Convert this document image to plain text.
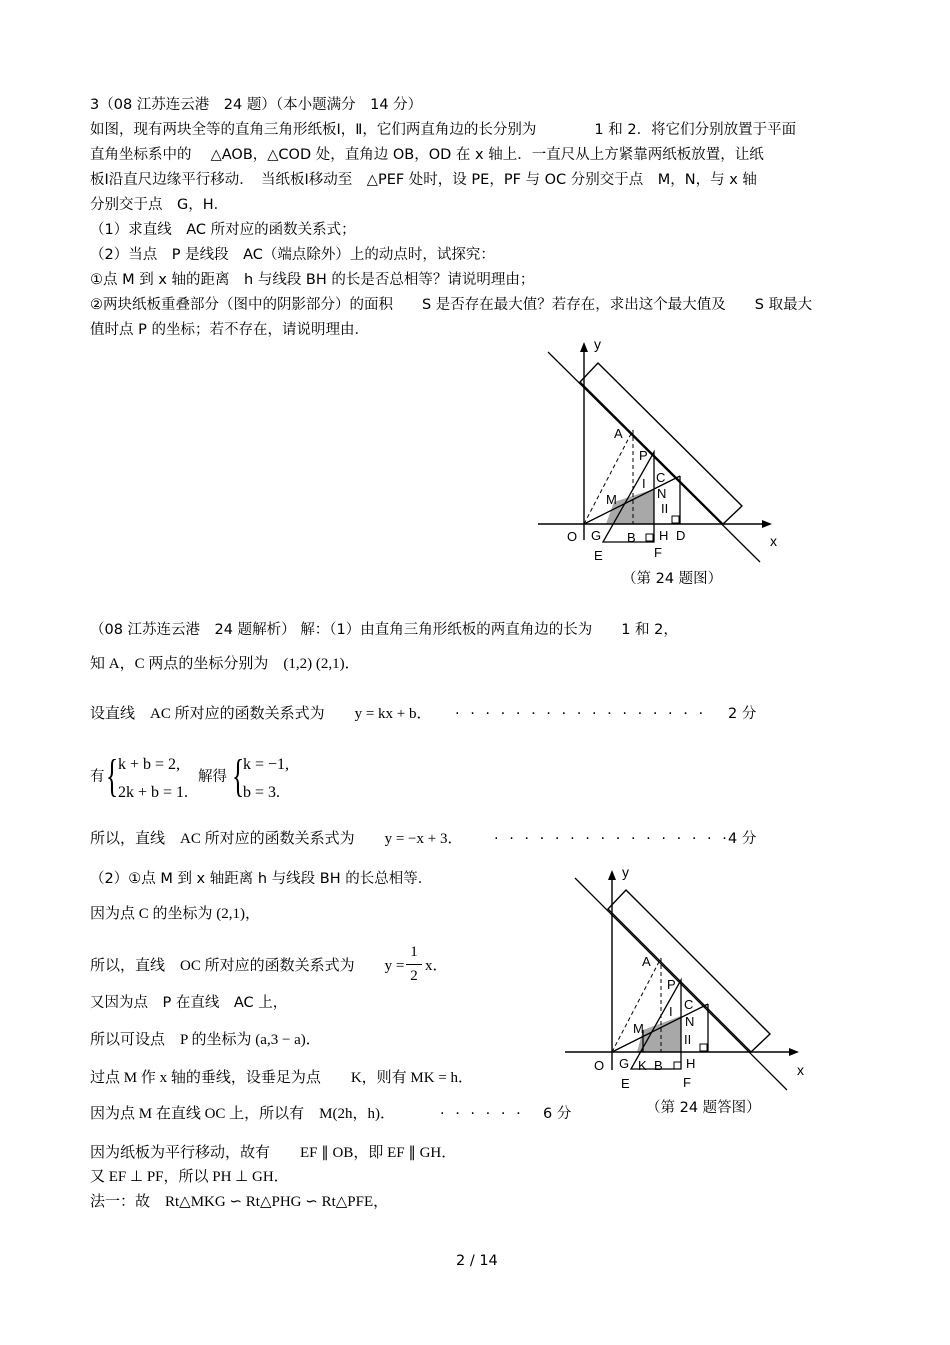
3（08 江苏连云港　24 题）（本小题满分　14 分）
如图，现有两块全等的直角三角形纸板Ⅰ，Ⅱ，它们两直角边的长分别为　　　　1 和 2．将它们分别放置于平面
直角坐标系中的　 △AOB，△COD 处，直角边 OB，OD 在 x 轴上．一直尺从上方紧靠两纸板放置，让纸
板Ⅰ沿直尺边缘平行移动．　当纸板Ⅰ移动至　△PEF 处时，设 PE，PF 与 OC 分别交于点　M，N，与 x 轴
分别交于点　G，H．
（1）求直线　AC 所对应的函数关系式；
（2）当点　P 是线段　AC（端点除外）上的动点时，试探究：
①点 M 到 x 轴的距离　h 与线段 BH 的长是否总相等？请说明理由；
②两块纸板重叠部分（图中的阴影部分）的面积　　S 是否存在最大值？若存在，求出这个最大值及　　S 取最大
值时点 P 的坐标；若不存在，请说明理由．
y
x
A
P
C
I
N
II
M
O G B H D
E	F
（第 24 题图）
（08 江苏连云港　24 题解析） 解：（1）由直角三角形纸板的两直角边的长为　　1 和 2，
知 A，C 两点的坐标分别为　(1,2) (2,1)．
设直线　AC 所对应的函数关系式为　　y = kx + b． · · · · · · · · · · · · · · · · · 2 分
有 { k + b = 2,
2k + b = 1.
解得 {
k = −1,
b = 3.
所以，直线　AC 所对应的函数关系式为　　y = −x + 3． · · · · · · · · · · · · · · · ·
4 分
（2）①点 M 到 x 轴距离 h 与线段 BH 的长总相等．
因为点 C 的坐标为 (2,1)，
所以，直线　OC 所对应的函数关系式为　　y =
1
2
x．
又因为点　P 在直线　AC 上，
所以可设点　P 的坐标为 (a,3 − a)．
过点 M 作 x 轴的垂线，设垂足为点　　K，则有 MK = h．
因为点 M 在直线 OC 上，所以有　M(2h，h)．	· · · · · · 6 分
因为纸板为平行移动，故有　　EF ∥ OB，即 EF ∥ GH．
又 EF ⊥ PF，所以 PH ⊥ GH．
法一：故　Rt△MKG ∽ Rt△PHG ∽ Rt△PFE，
y
x
A
P
C
I
N
II
M
O G K B H
E	F
（第 24 题答图）
2 / 14
